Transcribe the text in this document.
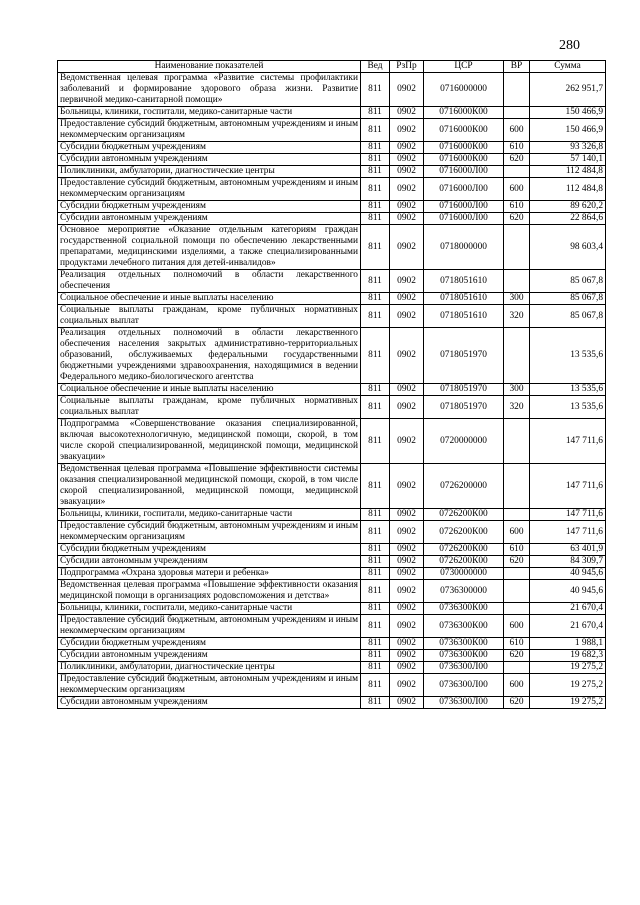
280
Наименование показателей	Вед	РзПр	ЦСР	ВР	Сумма
Ведомственная целевая программа «Развитие системы профилактики заболеваний и формирование здорового образа жизни. Развитие первичной медико-санитарной помощи»	811	0902	0716000000		262 951,7
Больницы, клиники, госпитали, медико-санитарные части	811	0902	0716000К00		150 466,9
Предоставление субсидий бюджетным, автономным учреждениям и иным некоммерческим организациям	811	0902	0716000К00	600	150 466,9
Субсидии бюджетным учреждениям	811	0902	0716000К00	610	93 326,8
Субсидии автономным учреждениям	811	0902	0716000К00	620	57 140,1
Поликлиники, амбулатории, диагностические центры	811	0902	0716000Л00		112 484,8
Предоставление субсидий бюджетным, автономным учреждениям и иным некоммерческим организациям	811	0902	0716000Л00	600	112 484,8
Субсидии бюджетным учреждениям	811	0902	0716000Л00	610	89 620,2
Субсидии автономным учреждениям	811	0902	0716000Л00	620	22 864,6
Основное мероприятие «Оказание отдельным категориям граждан государственной социальной помощи по обеспечению лекарственными препаратами, медицинскими изделиями, а также специализированными продуктами лечебного питания для детей-инвалидов»	811	0902	0718000000		98 603,4
Реализация отдельных полномочий в области лекарственного обеспечения	811	0902	0718051610		85 067,8
Социальное обеспечение и иные выплаты населению	811	0902	0718051610	300	85 067,8
Социальные выплаты гражданам, кроме публичных нормативных социальных выплат	811	0902	0718051610	320	85 067,8
Реализация отдельных полномочий в области лекарственного обеспечения населения закрытых административно-территориальных образований, обслуживаемых федеральными государственными бюджетными учреждениями здравоохранения, находящимися в ведении Федерального медико-биологического агентства	811	0902	0718051970		13 535,6
Социальное обеспечение и иные выплаты населению	811	0902	0718051970	300	13 535,6
Социальные выплаты гражданам, кроме публичных нормативных социальных выплат	811	0902	0718051970	320	13 535,6
Подпрограмма «Совершенствование оказания специализированной, включая высокотехнологичную, медицинской помощи, скорой, в том числе скорой специализированной, медицинской помощи, медицинской эвакуации»	811	0902	0720000000		147 711,6
Ведомственная целевая программа «Повышение эффективности системы оказания специализированной медицинской помощи, скорой, в том числе скорой специализированной, медицинской помощи, медицинской эвакуации»	811	0902	0726200000		147 711,6
Больницы, клиники, госпитали, медико-санитарные части	811	0902	0726200К00		147 711,6
Предоставление субсидий бюджетным, автономным учреждениям и иным некоммерческим организациям	811	0902	0726200К00	600	147 711,6
Субсидии бюджетным учреждениям	811	0902	0726200К00	610	63 401,9
Субсидии автономным учреждениям	811	0902	0726200К00	620	84 309,7
Подпрограмма «Охрана здоровья матери и ребенка»	811	0902	0730000000		40 945,6
Ведомственная целевая программа «Повышение эффективности оказания медицинской помощи в организациях родовспоможения и детства»	811	0902	0736300000		40 945,6
Больницы, клиники, госпитали, медико-санитарные части	811	0902	0736300К00		21 670,4
Предоставление субсидий бюджетным, автономным учреждениям и иным некоммерческим организациям	811	0902	0736300К00	600	21 670,4
Субсидии бюджетным учреждениям	811	0902	0736300К00	610	1 988,1
Субсидии автономным учреждениям	811	0902	0736300К00	620	19 682,3
Поликлиники, амбулатории, диагностические центры	811	0902	0736300Л00		19 275,2
Предоставление субсидий бюджетным, автономным учреждениям и иным некоммерческим организациям	811	0902	0736300Л00	600	19 275,2
Субсидии автономным учреждениям	811	0902	0736300Л00	620	19 275,2
